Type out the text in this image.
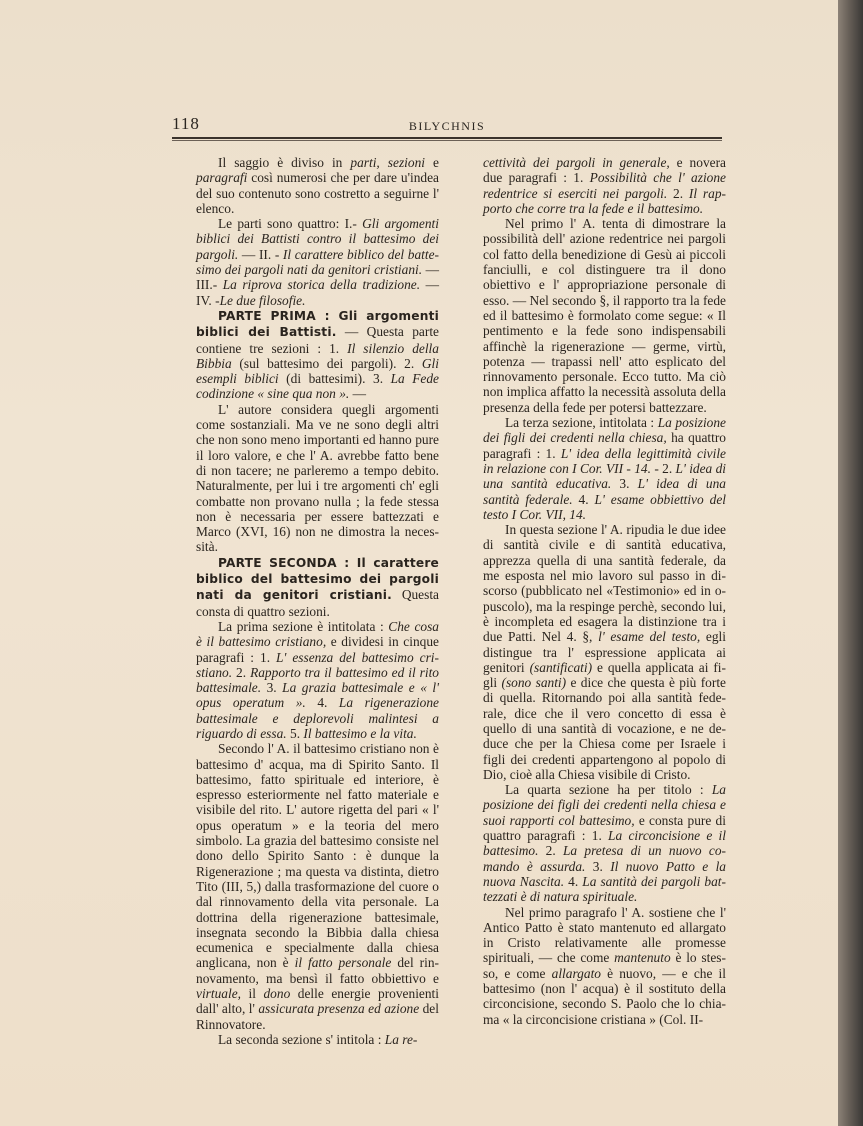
118	BILYCHNIS

Il saggio è diviso in parti, sezioni e paragrafi così numerosi che per dare u'indea del suo contenuto sono costretto a seguirne l' elenco.

Le parti sono quattro: I.- Gli argomenti biblici dei Battisti contro il battesimo dei pargoli. — II. - Il carattere biblico del battesimo dei pargoli nati da genitori cristiani. — III.- La riprova storica della tradizione. — IV. -Le due filosofie.

PARTE PRIMA : Gli argomenti biblici dei Battisti. — Questa parte contiene tre sezioni : 1. Il silenzio della Bibbia (sul battesimo dei pargoli). 2. Gli esempli biblici (di battesimi). 3. La Fede codinzione « sine qua non ». —

L' autore considera quegli argomenti come sostanziali. Ma ve ne sono degli altri che non sono meno importanti ed hanno pure il loro valore, e che l' A. avrebbe fatto bene di non tacere; ne parleremo a tempo debito. Naturalmente, per lui i tre argomenti ch' egli combatte non provano nulla ; la fede stessa non è necessaria per essere battezzati e Marco (XVI, 16) non ne dimostra la necessità.

PARTE SECONDA : Il carattere biblico del battesimo dei pargoli nati da genitori cristiani. Questa consta di quattro sezioni.

La prima sezione è intitolata : Che cosa è il battesimo cristiano, e dividesi in cinque paragrafi : 1. L' essenza del battesimo cristiano. 2. Rapporto tra il battesimo ed il rito battesimale. 3. La grazia battesimale e « l' opus operatum ». 4. La rigenerazione battesimale e deplorevoli malintesi a riguardo di essa. 5. Il battesimo e la vita.

Secondo l' A. il battesimo cristiano non è battesimo d' acqua, ma di Spirito Santo. Il battesimo, fatto spirituale ed interiore, è espresso esteriormente nel fatto materiale e visibile del rito. L' autore rigetta del pari « l' opus operatum » e la teoria del mero simbolo. La grazia del battesimo consiste nel dono dello Spirito Santo : è dunque la Rigenerazione ; ma questa va distinta, dietro Tito (III, 5,) dalla trasformazione del cuore o dal rinnovamento della vita personale. La dottrina della rigenerazione battesimale, insegnata secondo la Bibbia dalla chiesa ecumenica e specialmente dalla chiesa anglicana, non è il fatto personale del rinnovamento, ma bensì il fatto obbiettivo e virtuale, il dono delle energie provenienti dall' alto, l' assicurata presenza ed azione del Rinnovatore.

La seconda sezione s' intitola : La re-

cettività dei pargoli in generale, e novera due paragrafi : 1. Possibilità che l' azione redentrice si eserciti nei pargoli. 2. Il rapporto che corre tra la fede e il battesimo.

Nel primo l' A. tenta di dimostrare la possibilità dell' azione redentrice nei pargoli col fatto della benedizione di Gesù ai piccoli fanciulli, e col distinguere tra il dono obiettivo e l' appropriazione personale di esso. — Nel secondo §, il rapporto tra la fede ed il battesimo è formolato come segue: « Il pentimento e la fede sono indispensabili affinchè la rigenerazione — germe, virtù, potenza — trapassi nell' atto esplicato del rinnovamento personale. Ecco tutto. Ma ciò non implica affatto la necessità assoluta della presenza della fede per potersi battezzare.

La terza sezione, intitolata : La posizione dei figli dei credenti nella chiesa, ha quattro paragrafi : 1. L' idea della legittimità civile in relazione con I Cor. VII - 14. - 2. L' idea di una santità educativa. 3. L' idea di una santità federale. 4. L' esame obbiettivo del testo I Cor. VII, 14.

In questa sezione l' A. ripudia le due idee di santità civile e di santità educativa, apprezza quella di una santità federale, da me esposta nel mio lavoro sul passo in discorso (pubblicato nel «Testimonio» ed in opuscolo), ma la respinge perchè, secondo lui, è incompleta ed esagera la distinzione tra i due Patti. Nel 4. §, l' esame del testo, egli distingue tra l' espressione applicata ai genitori (santificati) e quella applicata ai figli (sono santi) e dice che questa è più forte di quella. Ritornando poi alla santità federale, dice che il vero concetto di essa è quello di una santità di vocazione, e ne deduce che per la Chiesa come per Israele i figli dei credenti appartengono al popolo di Dio, cioè alla Chiesa visibile di Cristo.

La quarta sezione ha per titolo : La posizione dei figli dei credenti nella chiesa e suoi rapporti col battesimo, e consta pure di quattro paragrafi : 1. La circoncisione e il battesimo. 2. La pretesa di un nuovo comando è assurda. 3. Il nuovo Patto e la nuova Nascita. 4. La santità dei pargoli battezzati è di natura spirituale.

Nel primo paragrafo l' A. sostiene che l' Antico Patto è stato mantenuto ed allargato in Cristo relativamente alle promesse spirituali, — che come mantenuto è lo stesso, e come allargato è nuovo, — e che il battesimo (non l' acqua) è il sostituto della circoncisione, secondo S. Paolo che lo chiama « la circoncisione cristiana » (Col. II-
